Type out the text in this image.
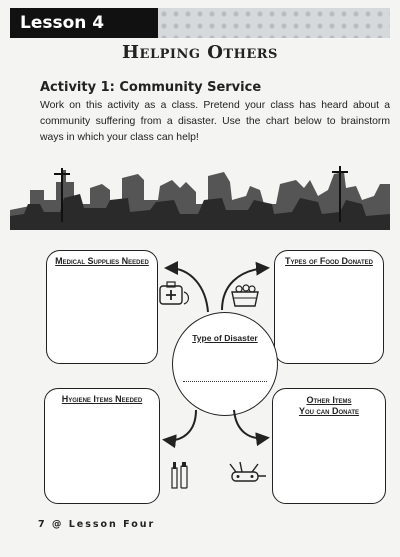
Lesson 4
Helping Others
Activity 1: Community Service
Work on this activity as a class. Pretend your class has heard about a community suffering from a disaster. Use the chart below to brainstorm ways in which your class can help!
Medical Supplies Needed	Types of Food Donated
Hygiene Items Needed	Other Items
You can Donate
Type of Disaster
7 @ Lesson Four
